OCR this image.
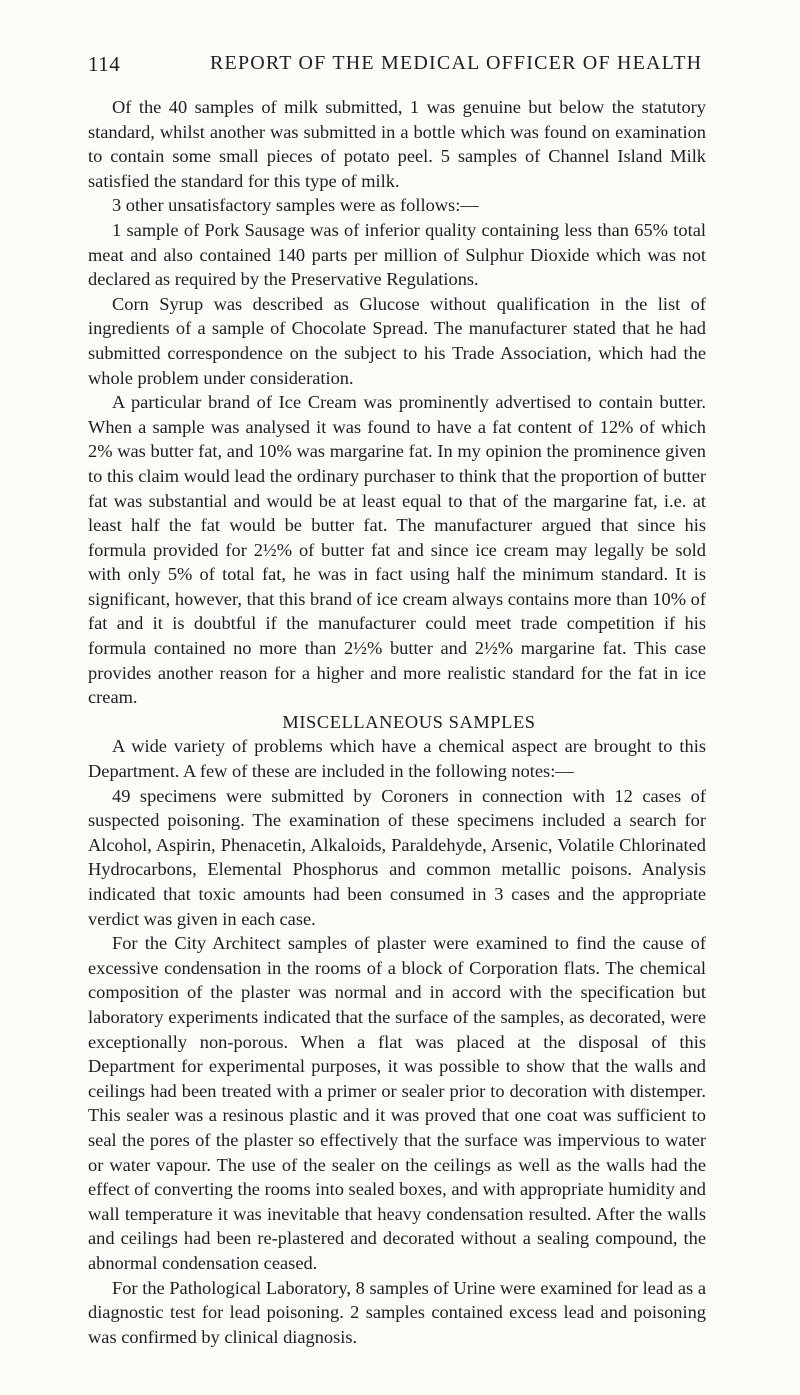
114	REPORT OF THE MEDICAL OFFICER OF HEALTH

Of the 40 samples of milk submitted, 1 was genuine but below the statutory standard, whilst another was submitted in a bottle which was found on examination to contain some small pieces of potato peel. 5 samples of Channel Island Milk satisfied the standard for this type of milk.

3 other unsatisfactory samples were as follows:—

1 sample of Pork Sausage was of inferior quality containing less than 65% total meat and also contained 140 parts per million of Sulphur Dioxide which was not declared as required by the Preservative Regulations.

Corn Syrup was described as Glucose without qualification in the list of ingredients of a sample of Chocolate Spread. The manufacturer stated that he had submitted correspondence on the subject to his Trade Association, which had the whole problem under consideration.

A particular brand of Ice Cream was prominently advertised to contain butter. When a sample was analysed it was found to have a fat content of 12% of which 2% was butter fat, and 10% was margarine fat. In my opinion the prominence given to this claim would lead the ordinary purchaser to think that the proportion of butter fat was substantial and would be at least equal to that of the margarine fat, i.e. at least half the fat would be butter fat. The manufacturer argued that since his formula provided for 2½% of butter fat and since ice cream may legally be sold with only 5% of total fat, he was in fact using half the minimum standard. It is significant, however, that this brand of ice cream always contains more than 10% of fat and it is doubtful if the manufacturer could meet trade competition if his formula contained no more than 2½% butter and 2½% margarine fat. This case provides another reason for a higher and more realistic standard for the fat in ice cream.

MISCELLANEOUS SAMPLES

A wide variety of problems which have a chemical aspect are brought to this Department. A few of these are included in the following notes:—

49 specimens were submitted by Coroners in connection with 12 cases of suspected poisoning. The examination of these specimens included a search for Alcohol, Aspirin, Phenacetin, Alkaloids, Paraldehyde, Arsenic, Volatile Chlorinated Hydrocarbons, Elemental Phosphorus and common metallic poisons. Analysis indicated that toxic amounts had been consumed in 3 cases and the appropriate verdict was given in each case.

For the City Architect samples of plaster were examined to find the cause of excessive condensation in the rooms of a block of Corporation flats. The chemical composition of the plaster was normal and in accord with the specification but laboratory experiments indicated that the surface of the samples, as decorated, were exceptionally non-porous. When a flat was placed at the disposal of this Department for experimental purposes, it was possible to show that the walls and ceilings had been treated with a primer or sealer prior to decoration with distemper. This sealer was a resinous plastic and it was proved that one coat was sufficient to seal the pores of the plaster so effectively that the surface was impervious to water or water vapour. The use of the sealer on the ceilings as well as the walls had the effect of converting the rooms into sealed boxes, and with appropriate humidity and wall temperature it was inevitable that heavy condensation resulted. After the walls and ceilings had been re-plastered and decorated without a sealing compound, the abnormal condensation ceased.

For the Pathological Laboratory, 8 samples of Urine were examined for lead as a diagnostic test for lead poisoning. 2 samples contained excess lead and poisoning was confirmed by clinical diagnosis.
